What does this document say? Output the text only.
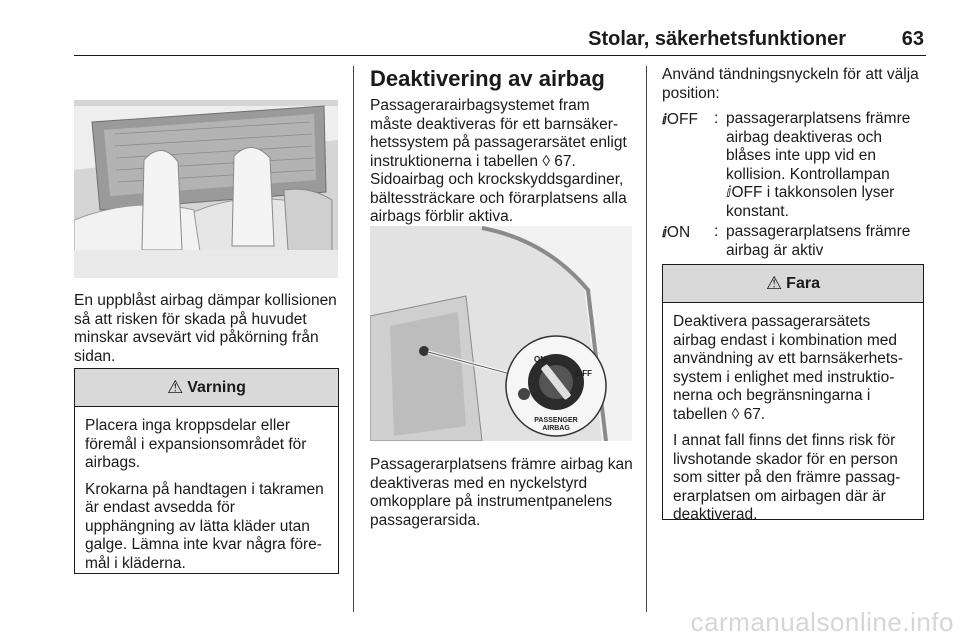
Stolar, säkerhetsfunktioner	63
En uppblåst airbag dämpar kollisionen så att risken för skada på huvudet minskar avsevärt vid påkörning från sidan.
⚠ Varning

Placera inga kroppsdelar eller föremål i expansionsområdet för airbags.

Krokarna på handtagen i takramen är endast avsedda för upphängning av lätta kläder utan galge. Lämna inte kvar några föremål i kläderna.

Deaktivering av airbag
Passagerarairbagsystemet fram måste deaktiveras för ett barnsäkerhetssystem på passagerarsätet enligt instruktionerna i tabellen ◊ 67.
Sidoairbag och krockskyddsgardiner, bältessträckare och förarplatsens alla airbags förblir aktiva.
ON
OFF
PASSENGER
AIRBAG
Passagerarplatsens främre airbag kan deaktiveras med en nyckelstyrd omkopplare på instrumentpanelens passagerarsida.
Använd tändningsnyckeln för att välja position:
ⅈOFF : passagerarplatsens främre airbag deaktiveras och blåses inte upp vid en kollision. Kontrollampan ⅈOFF i takkonsolen lyser konstant.
ⅈON : passagerarplatsens främre airbag är aktiv
⚠ Fara

Deaktivera passagerarsätets airbag endast i kombination med användning av ett barnsäkerhetssystem i enlighet med instruktionerna och begränsningarna i tabellen ◊ 67.

I annat fall finns det finns risk för livshotande skador för en person som sitter på den främre passagerarplatsen om airbagen där är deaktiverad.

carmanualsonline.info
